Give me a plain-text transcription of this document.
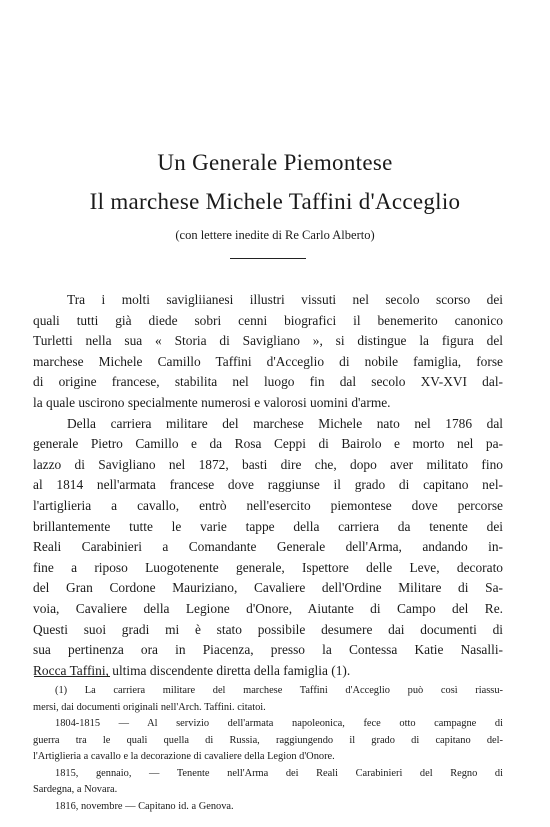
Un Generale Piemontese
Il marchese Michele Taffini d'Acceglio
(con lettere inedite di Re Carlo Alberto)
Tra i molti savigliianesi illustri vissuti nel secolo scorso dei
quali tutti già diede sobri cenni biografici il benemerito canonico
Turletti nella sua « Storia di Savigliano », si distingue la figura del
marchese Michele Camillo Taffini d'Acceglio di nobile famiglia, forse
di origine francese, stabilita nel luogo fin dal secolo XV-XVI dal-
la quale uscirono specialmente numerosi e valorosi uomini d'arme.
Della carriera militare del marchese Michele nato nel 1786 dal
generale Pietro Camillo e da Rosa Ceppi di Bairolo e morto nel pa-
lazzo di Savigliano nel 1872, basti dire che, dopo aver militato fino
al 1814 nell'armata francese dove raggiunse il grado di capitano nel-
l'artiglieria a cavallo, entrò nell'esercito piemontese dove percorse
brillantemente tutte le varie tappe della carriera da tenente dei
Reali Carabinieri a Comandante Generale dell'Arma, andando in-
fine a riposo Luogotenente generale, Ispettore delle Leve, decorato
del Gran Cordone Mauriziano, Cavaliere dell'Ordine Militare di Sa-
voia, Cavaliere della Legione d'Onore, Aiutante di Campo del Re.
Questi suoi gradi mi è stato possibile desumere dai documenti di
sua pertinenza ora in Piacenza, presso la Contessa Katie Nasalli-
Rocca Taffini, ultima discendente diretta della famiglia (1).
(1) La carriera militare del marchese Taffini d'Acceglio può così riassu-
mersi, dai documenti originali nell'Arch. Taffini. citatoi.
1804-1815 — Al servizio dell'armata napoleonica, fece otto campagne di
guerra tra le quali quella di Russia, raggiungendo il grado di capitano del-
l'Artiglieria a cavallo e la decorazione di cavaliere della Legion d'Onore.
1815, gennaio, — Tenente nell'Arma dei Reali Carabinieri del Regno di
Sardegna, a Novara.
1816, novembre — Capitano id. a Genova.
